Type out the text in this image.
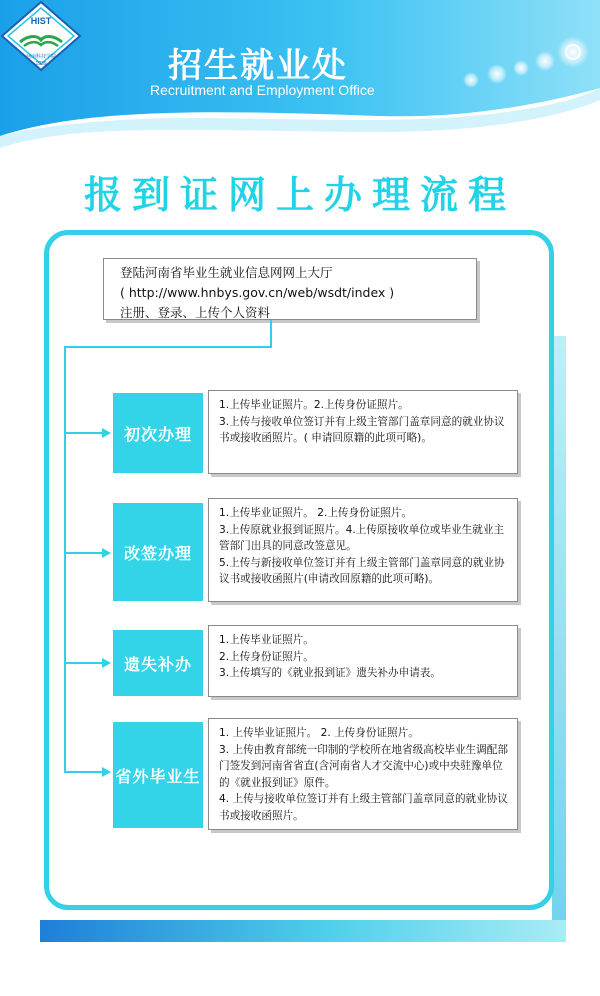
HIST
河南科技学院
1939	招生就业处
Recruitment and Employment Office
报到证网上办理流程
登陆河南省毕业生就业信息网网上大厅
( http://www.hnbys.gov.cn/web/wsdt/index )
注册、登录、上传个人资料
初次办理
1.上传毕业证照片。2.上传身份证照片。
3.上传与接收单位签订并有上级主管部门盖章同意的就业协议书或接收函照片。( 申请回原籍的此项可略)。
改签办理
1.上传毕业证照片。 2.上传身份证照片。
3.上传原就业报到证照片。4.上传原接收单位或毕业生就业主管部门出具的同意改签意见。
5.上传与新接收单位签订并有上级主管部门盖章同意的就业协议书或接收函照片(申请改回原籍的此项可略)。
遗失补办
1.上传毕业证照片。
2.上传身份证照片。
3.上传填写的《就业报到证》遗失补办申请表。
省外毕业生
1. 上传毕业证照片。 2. 上传身份证照片。
3. 上传由教育部统一印制的学校所在地省级高校毕业生调配部门签发到河南省省直(含河南省人才交流中心)或中央驻豫单位的《就业报到证》原件。
4. 上传与接收单位签订并有上级主管部门盖章同意的就业协议书或接收函照片。
